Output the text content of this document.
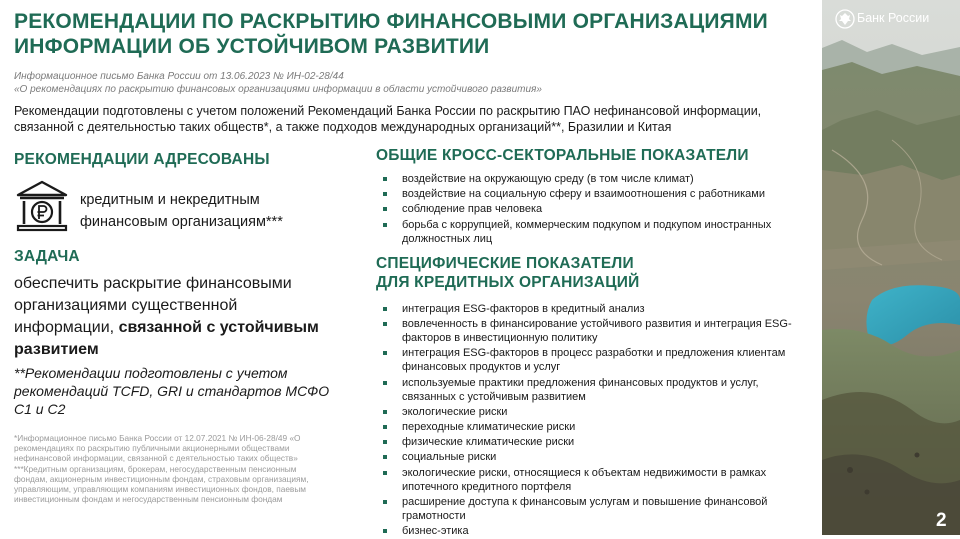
РЕКОМЕНДАЦИИ ПО РАСКРЫТИЮ ФИНАНСОВЫМИ ОРГАНИЗАЦИЯМИ ИНФОРМАЦИИ ОБ УСТОЙЧИВОМ РАЗВИТИИ
Информационное письмо Банка России от 13.06.2023 № ИН-02-28/44
«О рекомендациях по раскрытию финансовых организациями информации в области устойчивого развития»
Рекомендации подготовлены с учетом положений Рекомендаций Банка России по раскрытию ПАО нефинансовой информации, связанной с деятельностью таких обществ*, а также подходов международных организаций**, Бразилии и Китая
РЕКОМЕНДАЦИИ АДРЕСОВАНЫ
кредитным и некредитным финансовым организациям***
ЗАДАЧА
обеспечить раскрытие финансовыми организациями существенной информации, связанной с устойчивым развитием
**Рекомендации подготовлены с учетом рекомендаций TCFD, GRI и стандартов МСФО С1 и С2
*Информационное письмо Банка России от 12.07.2021 № ИН-06-28/49 «О рекомендациях по раскрытию публичными акционерными обществами нефинансовой информации, связанной с деятельностью таких обществ»
***Кредитным организациям, брокерам, негосударственным пенсионным фондам, акционерным инвестиционным фондам, страховым организациям, управляющим, управляющим компаниям инвестиционных фондов, паевым инвестиционным фондам и негосударственным пенсионным фондам
ОБЩИЕ КРОСС-СЕКТОРАЛЬНЫЕ ПОКАЗАТЕЛИ
воздействие на окружающую среду (в том числе климат)
воздействие на социальную сферу и взаимоотношения с работниками
соблюдение прав человека
борьба с коррупцией, коммерческим подкупом и подкупом иностранных должностных лиц
СПЕЦИФИЧЕСКИЕ ПОКАЗАТЕЛИ
ДЛЯ КРЕДИТНЫХ ОРГАНИЗАЦИЙ
интеграция ESG-факторов в кредитный анализ
вовлеченность в финансирование устойчивого развития и интеграция ESG-факторов в инвестиционную политику
интеграция ESG-факторов в процесс разработки и предложения клиентам финансовых продуктов и услуг
используемые практики предложения финансовых продуктов и услуг, связанных с устойчивым развитием
экологические риски
переходные климатические риски
физические климатические риски
социальные риски
экологические риски, относящиеся к объектам недвижимости в рамках ипотечного кредитного портфеля
расширение доступа к финансовым услугам и повышение финансовой грамотности
бизнес-этика
Банк России
2
